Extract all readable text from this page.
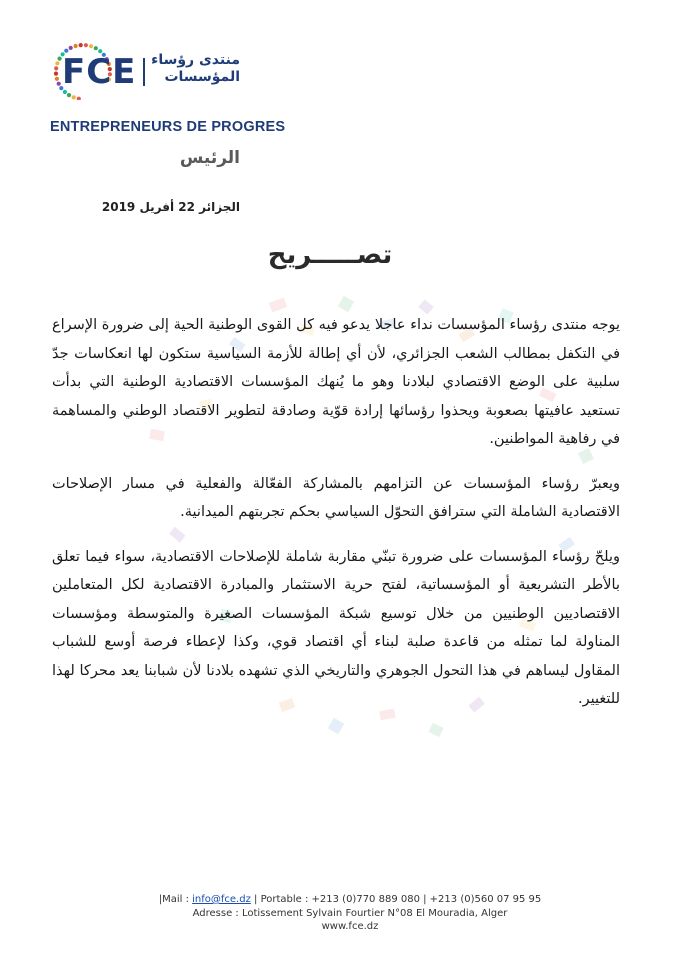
FCE منتدى رؤساء
المؤسسات
ENTREPRENEURS DE PROGRES
الرئيس
الجزائر 22 أفريل 2019
تصـــــريح

يوجه منتدى رؤساء المؤسسات نداء عاجلا يدعو فيه كل القوى الوطنية الحية إلى ضرورة الإسراع في التكفل بمطالب الشعب الجزائري، لأن أي إطالة للأزمة السياسية ستكون لها انعكاسات جدّ سلبية على الوضع الاقتصادي لبلادنا وهو ما يُنهك المؤسسات الاقتصادية الوطنية التي بدأت تستعيد عافيتها بصعوبة ويحذوا رؤسائها إرادة قوّية وصادقة لتطوير الاقتصاد الوطني والمساهمة في رفاهية المواطنين.

ويعبرّ رؤساء المؤسسات عن التزامهم بالمشاركة الفعّالة والفعلية في مسار الإصلاحات الاقتصادية الشاملة التي سترافق التحوّل السياسي بحكم تجربتهم الميدانية.

ويلحّ رؤساء المؤسسات على ضرورة تبنّي مقاربة شاملة للإصلاحات الاقتصادية، سواء فيما تعلق بالأطر التشريعية أو المؤسساتية، لفتح حرية الاستثمار والمبادرة الاقتصادية لكل المتعاملين الاقتصاديين الوطنيين من خلال توسيع شبكة المؤسسات الصغيرة والمتوسطة ومؤسسات المناولة لما تمثله من قاعدة صلبة لبناء أي اقتصاد قوي، وكذا لإعطاء فرصة أوسع للشباب المقاول ليساهم في هذا التحول الجوهري والتاريخي الذي تشهده بلادنا لأن شبابنا يعد محركا لهذا للتغيير.

|Mail : info@fce.dz | Portable : +213 (0)770 889 080 | +213 (0)560 07 95 95
Adresse : Lotissement Sylvain Fourtier N°08 El Mouradia, Alger
www.fce.dz
